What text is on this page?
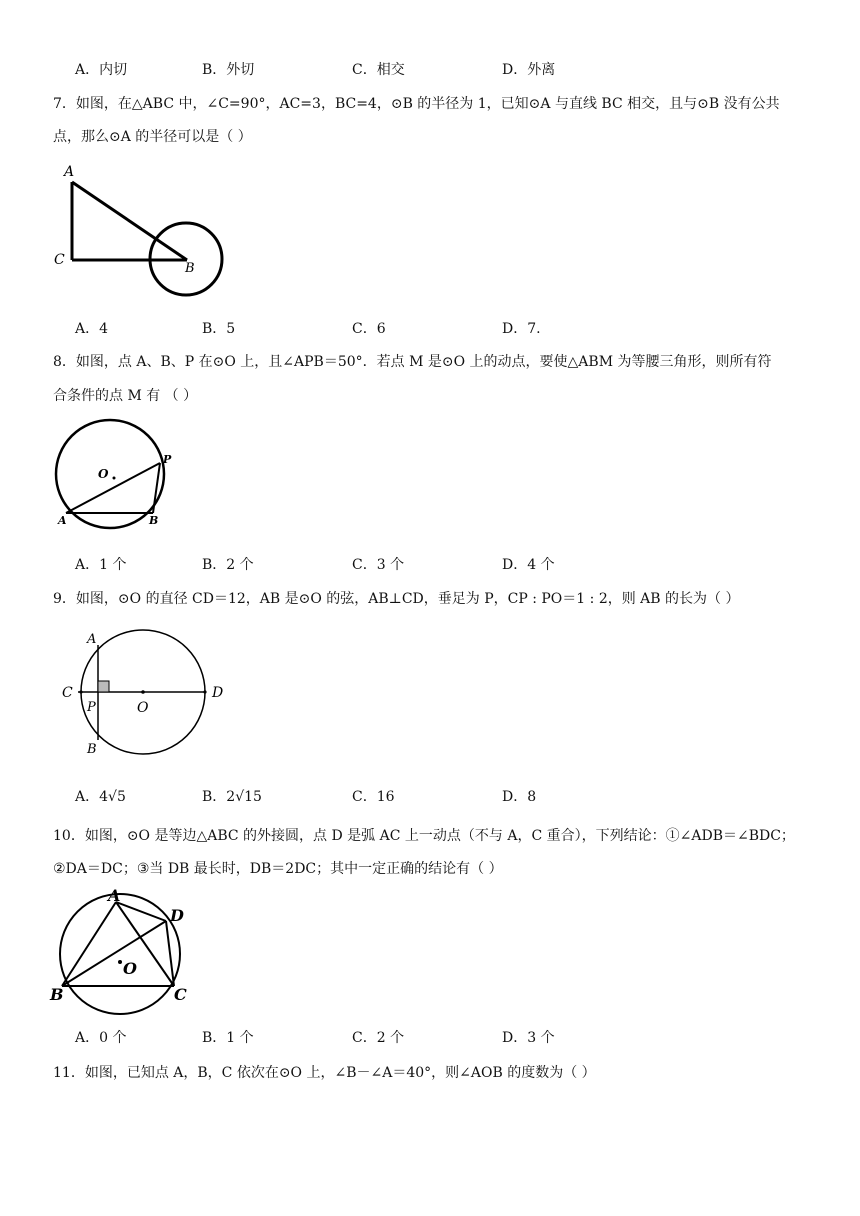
A．内切	B．外切	C．相交	D．外离
7．如图，在△ABC 中，∠C=90°，AC=3，BC=4，⊙B 的半径为 1，已知⊙A 与直线 BC 相交，且与⊙B 没有公共
点，那么⊙A 的半径可以是（ ）
A
C
B
A．4	B．5	C．6	D．7.
8．如图，点 A、B、P 在⊙O 上，且∠APB＝50°．若点 M 是⊙O 上的动点，要使△ABM 为等腰三角形，则所有符
合条件的点 M 有 （ ）
O
P
A	B
A．1 个	B．2 个	C．3 个	D．4 个
9．如图，⊙O 的直径 CD＝12，AB 是⊙O 的弦，AB⊥CD，垂足为 P，CP : PO＝1 : 2，则 AB 的长为（ ）
A
C
P	O
D
B
A．4√5	B．2√15	C．16	D．8
10．如图，⊙O 是等边△ABC 的外接圆，点 D 是弧 AC 上一动点（不与 A，C 重合），下列结论：①∠ADB＝∠BDC；
②DA＝DC；③当 DB 最长时，DB＝2DC；其中一定正确的结论有（ ）
A
D
O
B	C
A．0 个	B．1 个	C．2 个	D．3 个
11．如图，已知点 A，B，C 依次在⊙O 上，∠B－∠A＝40°，则∠AOB 的度数为（ ）
